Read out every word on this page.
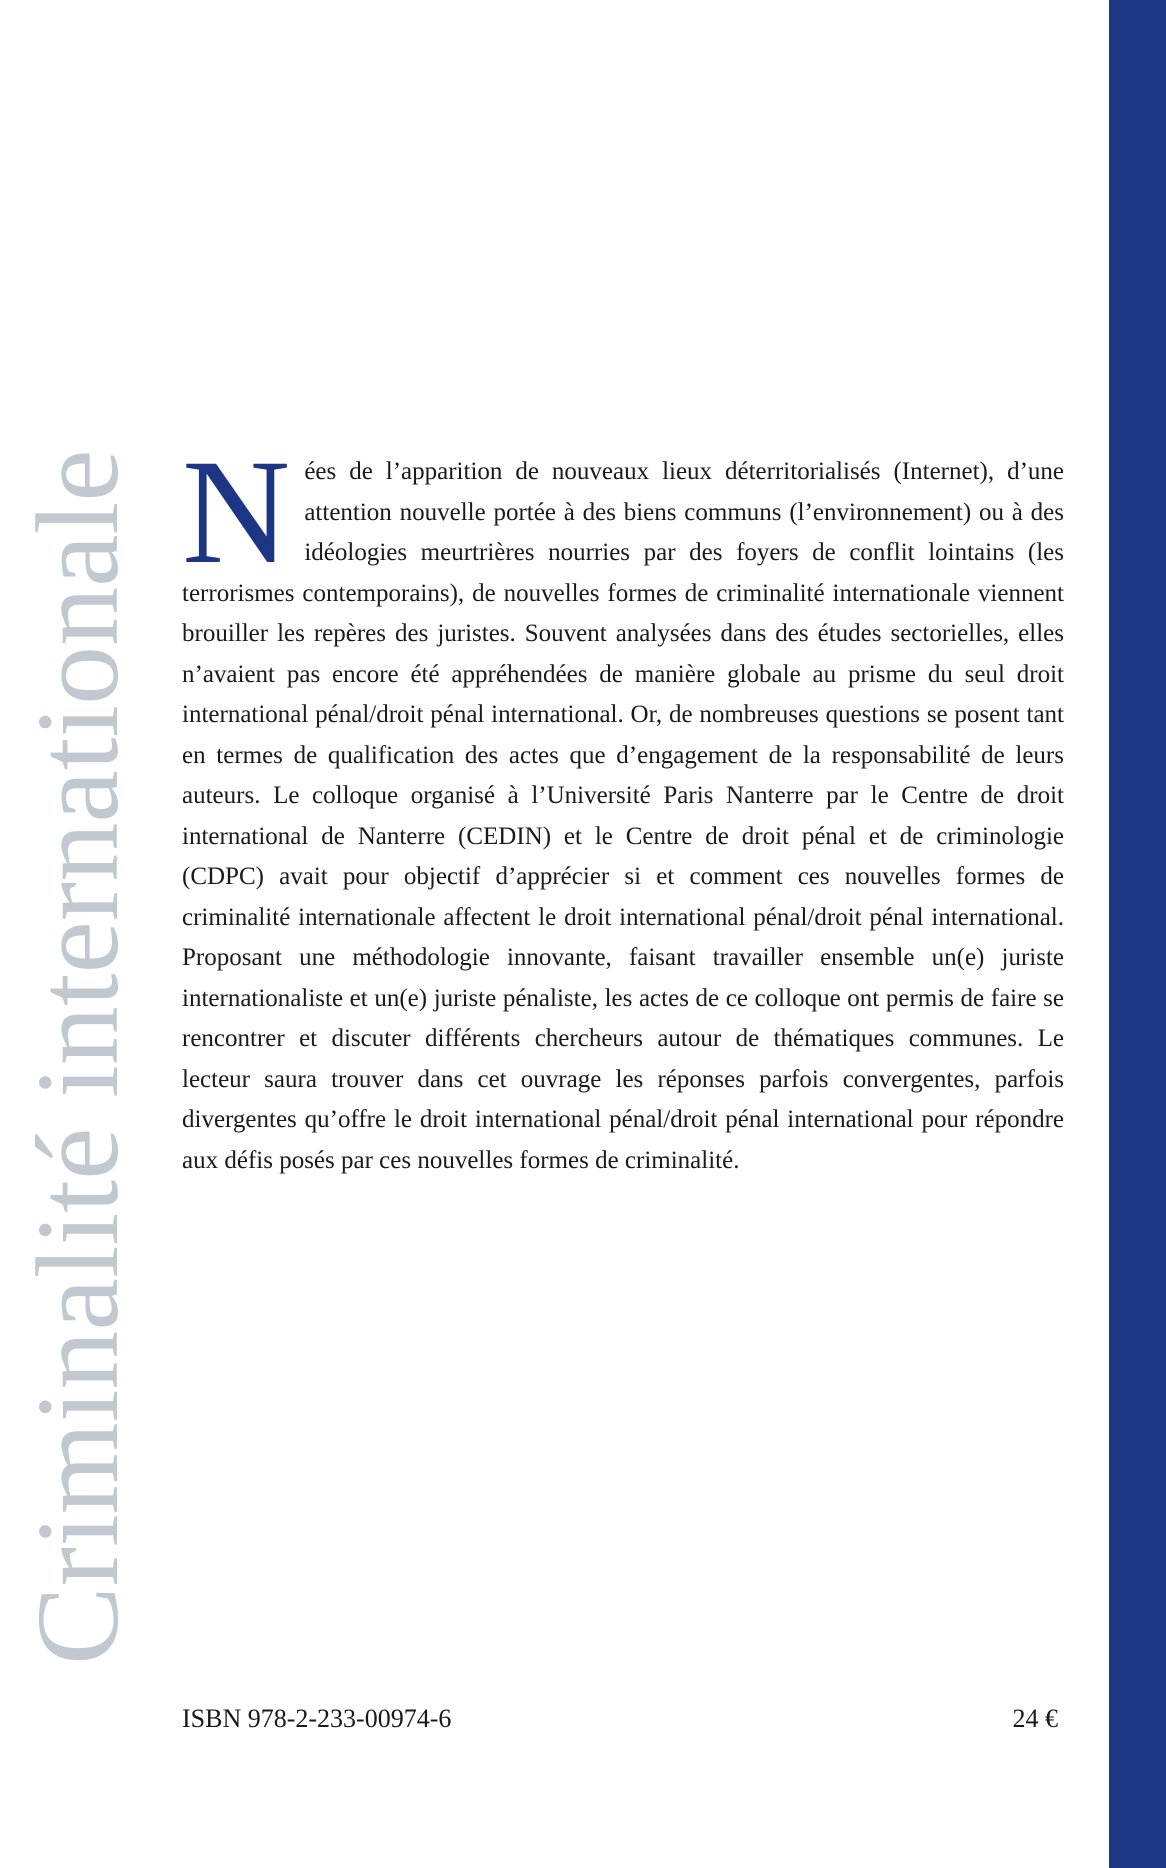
Criminalité internationale Nées de l’apparition de nouveaux lieux déterritorialisés (Internet), d’une attention nouvelle portée à des biens communs (l’environnement) ou à des idéologies meurtrières nourries par des foyers de conflit lointains (les terrorismes contemporains), de nouvelles formes de criminalité internationale viennent brouiller les repères des juristes. Souvent analysées dans des études sectorielles, elles n’avaient pas encore été appréhendées de manière globale au prisme du seul droit international pénal/droit pénal international. Or, de nombreuses questions se posent tant en termes de qualification des actes que d’engagement de la responsabilité de leurs auteurs. Le colloque organisé à l’Université Paris Nanterre par le Centre de droit international de Nanterre (CEDIN) et le Centre de droit pénal et de criminologie (CDPC) avait pour objectif d’apprécier si et comment ces nouvelles formes de criminalité internationale affectent le droit international pénal/droit pénal international. Proposant une méthodologie innovante, faisant travailler ensemble un(e) juriste internationaliste et un(e) juriste pénaliste, les actes de ce colloque ont permis de faire se rencontrer et discuter différents chercheurs autour de thématiques communes. Le lecteur saura trouver dans cet ouvrage les réponses parfois convergentes, parfois divergentes qu’offre le droit international pénal/droit pénal international pour répondre aux défis posés par ces nouvelles formes de criminalité.
ISBN 978-2-233-00974-6	24 €
